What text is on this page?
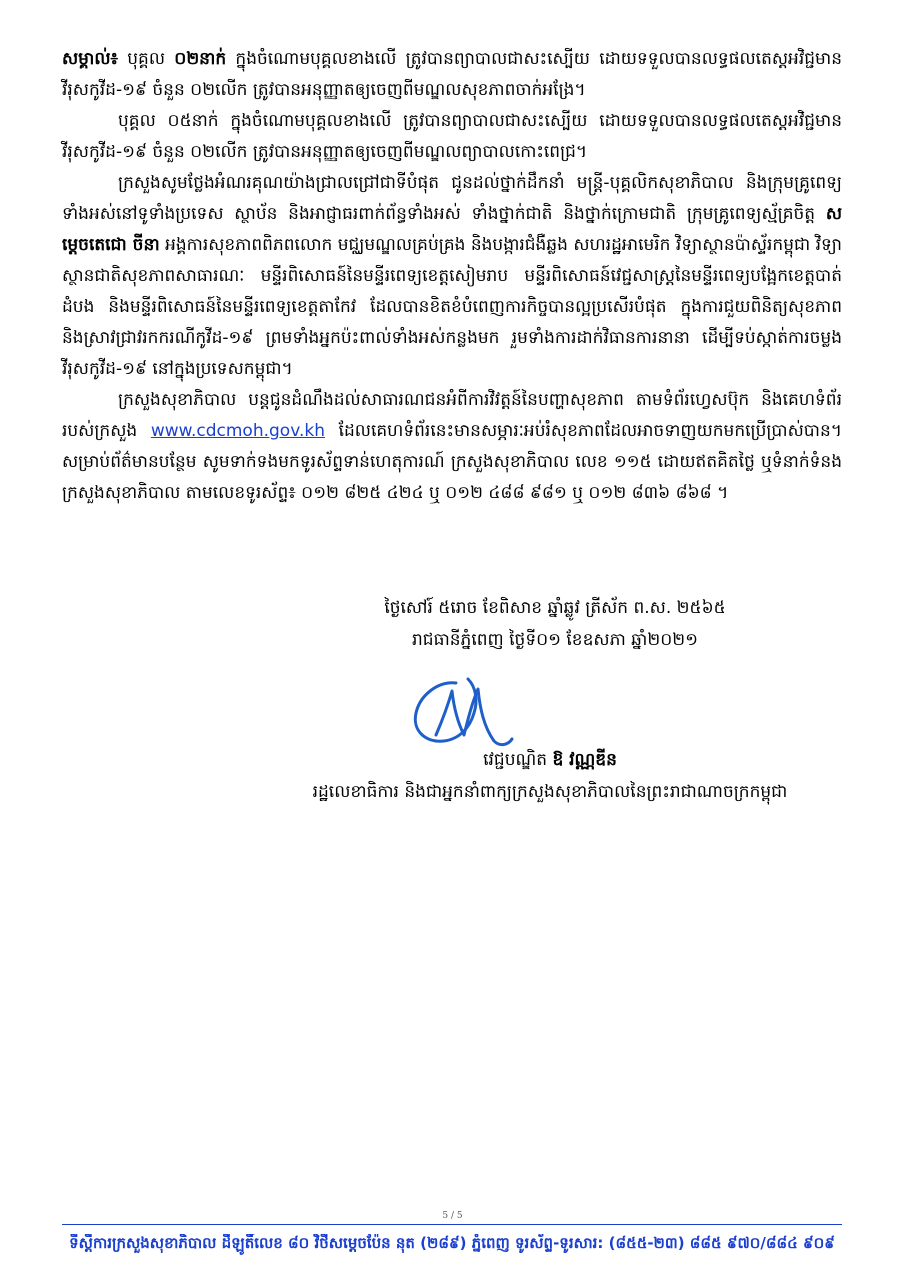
សម្គាល់៖ បុគ្គល ០២នាក់ ក្នុងចំណោមបុគ្គលខាងលើ ត្រូវបានព្យាបាលជាសះស្បើយ ដោយទទួលបានលទ្ធផលតេស្តអវិជ្ជមានវីរុសកូវីដ-១៩ ចំនួន ០២លើក ត្រូវបានអនុញ្ញាតឲ្យចេញពីមណ្ឌលសុខភាពចាក់អង្រែ។

បុគ្គល ០៥នាក់ ក្នុងចំណោមបុគ្គលខាងលើ ត្រូវបានព្យាបាលជាសះស្បើយ ដោយទទួលបានលទ្ធផលតេស្តអវិជ្ជមានវីរុសកូវីដ-១៩ ចំនួន ០២លើក ត្រូវបានអនុញ្ញាតឲ្យចេញពីមណ្ឌលព្យាបាលកោះពេជ្រ។

ក្រសួងសូមថ្លែងអំណរគុណយ៉ាងជ្រាលជ្រៅជាទីបំផុត ជូនដល់ថ្នាក់ដឹកនាំ មន្ត្រី-បុគ្គលិកសុខាភិបាល និងក្រុមគ្រូពេទ្យទាំងអស់នៅទូទាំងប្រទេស ស្ថាប័ន និងអាជ្ញាធរពាក់ព័ន្ធទាំងអស់ ទាំងថ្នាក់ជាតិ និងថ្នាក់ក្រោមជាតិ ក្រុមគ្រូពេទ្យស្ម័គ្រចិត្ត សម្តេចតេជោ ចីនា អង្គការសុខភាពពិភពលោក មជ្ឈមណ្ឌលគ្រប់គ្រង និងបង្ការជំងឺឆ្លង សហរដ្ឋអាមេរិក វិទ្យាស្ថានប៉ាស្ទ័រកម្ពុជា វិទ្យាស្ថានជាតិសុខភាពសាធារណៈ មន្ទីរពិសោធន៍នៃមន្ទីរពេទ្យខេត្តសៀមរាប មន្ទីរពិសោធន៍វេជ្ជសាស្ត្រនៃមន្ទីរពេទ្យបង្អែកខេត្តបាត់ដំបង និងមន្ទីរពិសោធន៍នៃមន្ទីរពេទ្យខេត្តតាកែវ ដែលបានខិតខំបំពេញការកិច្ចបានល្អប្រសើរបំផុត ក្នុងការជួយពិនិត្យសុខភាព និងស្រាវជ្រាវរកករណីកូវីដ-១៩ ព្រមទាំងអ្នកប៉ះពាល់ទាំងអស់កន្លងមក រួមទាំងការដាក់វិធានការនានា ដើម្បីទប់ស្កាត់ការចម្លងវីរុសកូវីដ-១៩ នៅក្នុងប្រទេសកម្ពុជា។

ក្រសួងសុខាភិបាល បន្តជូនដំណឹងដល់សាធារណជនអំពីការវិវត្តន៍នៃបញ្ហាសុខភាព តាមទំព័រហ្វេសប៊ុក និងគេហទំព័ររបស់ក្រសួង www.cdcmoh.gov.kh ដែលគេហទំព័រនេះមានសម្ភារៈអប់រំសុខភាពដែលអាចទាញយកមកប្រើប្រាស់បាន។ សម្រាប់ព័ត៌មានបន្ថែម សូមទាក់ទងមកទូរស័ព្ទទាន់ហេតុការណ៍ ក្រសួងសុខាភិបាល លេខ ១១៥ ដោយឥតគិតថ្លៃ ឬទំនាក់ទំនងក្រសួងសុខាភិបាល តាមលេខទូរស័ព្ទ៖ ០១២ ៨២៥ ៤២៤ ឬ ០១២ ៤៨៨ ៩៨១ ឬ ០១២ ៨៣៦ ៨៦៨ ។

ថ្ងៃសៅរ៍ ៥រោច ខែពិសាខ ឆ្នាំឆ្លូវ ត្រីស័ក ព.ស. ២៥៦៥
រាជធានីភ្នំពេញ ថ្ងៃទី០១ ខែឧសភា ឆ្នាំ២០២១
វេជ្ជបណ្ឌិត ឱ វណ្ណឌីន
រដ្ឋលេខាធិការ និងជាអ្នកនាំពាក្យក្រសួងសុខាភិបាលនៃព្រះរាជាណាចក្រកម្ពុជា
5 / 5
ទីស្តីការក្រសួងសុខាភិបាល ដីឡូតិ៍លេខ ៨០ វិថីសម្តេចប៉ែន នុត (២៨៩) ភ្នំពេញ ទូរស័ព្ទ-ទូរសារ: (៨៥៥-២៣) ៨៨៥ ៩៧០/៨៨៤ ៩០៩
